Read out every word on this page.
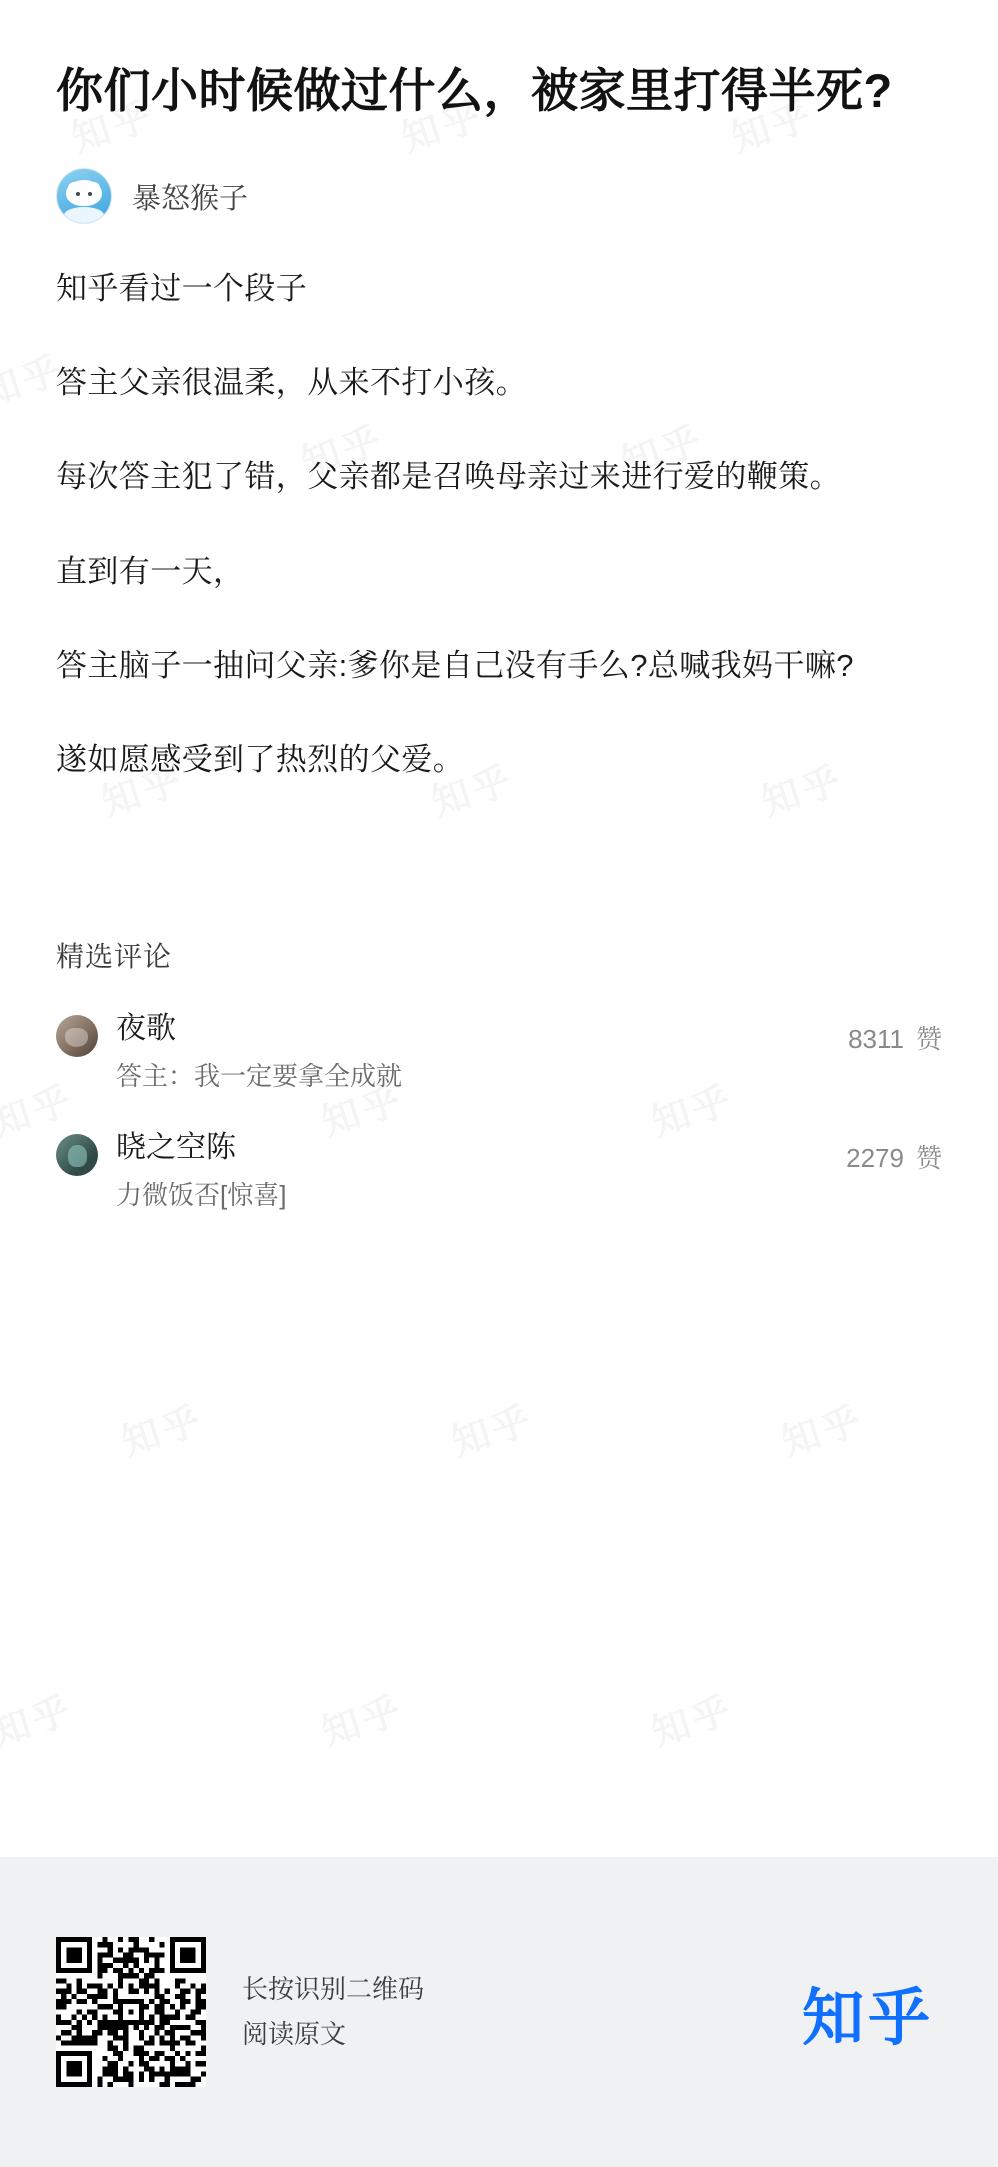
你们小时候做过什么，被家里打得半死?
暴怒猴子

知乎看过一个段子

答主父亲很温柔，从来不打小孩。

每次答主犯了错，父亲都是召唤母亲过来进行爱的鞭策。

直到有一天，

答主脑子一抽问父亲:爹你是自己没有手么?总喊我妈干嘛?

遂如愿感受到了热烈的父爱。

精选评论
夜歌
答主：我一定要拿全成就
8311 赞
晓之空陈
力微饭否[惊喜]
2279 赞
长按识别二维码
阅读原文	知乎
